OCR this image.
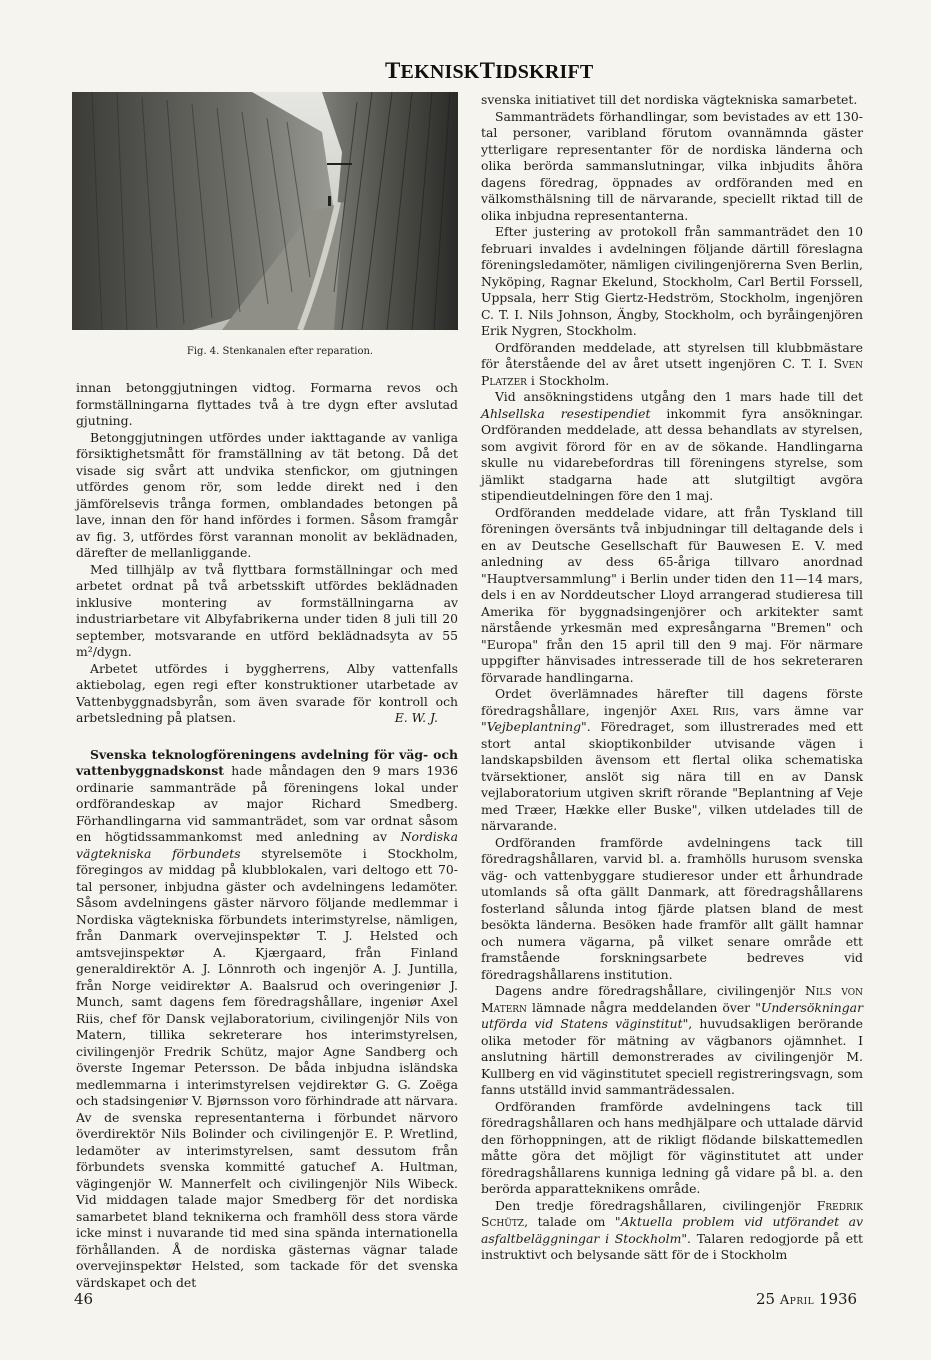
TEKNISKTIDSKRIFT
Fig. 4. Stenkanalen efter reparation.

innan betonggjutningen vidtog. Formarna revos och formställningarna flyttades två à tre dygn efter avslutad gjutning.

Betonggjutningen utfördes under iakttagande av vanliga försiktighetsmått för framställning av tät betong. Då det visade sig svårt att undvika stenfickor, om gjutningen utfördes genom rör, som ledde direkt ned i den jämförelsevis trånga formen, omblandades betongen på lave, innan den för hand infördes i formen. Såsom framgår av fig. 3, utfördes först varannan monolit av beklädnaden, därefter de mellanliggande.

Med tillhjälp av två flyttbara formställningar och med arbetet ordnat på två arbetsskift utfördes beklädnaden inklusive montering av formställningarna av industriarbetare vit Albyfabrikerna under tiden 8 juli till 20 september, motsvarande en utförd beklädnadsyta av 55 m²/dygn.

Arbetet utfördes i byggherrens, Alby vattenfalls aktiebolag, egen regi efter konstruktioner utarbetade av Vattenbyggnadsbyrån, som även svarade för kontroll och arbetsledning på platsen.	E. W. J.

Svenska teknologföreningens avdelning för väg- och vattenbyggnadskonst hade måndagen den 9 mars 1936 ordinarie sammanträde på föreningens lokal under ordförandeskap av major Richard Smedberg. Förhandlingarna vid sammanträdet, som var ordnat såsom en högtidssammankomst med anledning av Nordiska vägtekniska förbundets styrelsemöte i Stockholm, föregingos av middag på klubblokalen, vari deltogo ett 70-tal personer, inbjudna gäster och avdelningens ledamöter. Såsom avdelningens gäster närvoro följande medlemmar i Nordiska vägtekniska förbundets interimstyrelse, nämligen, från Danmark overvejinspektør T. J. Helsted och amtsvejinspektør A. Kjærgaard, från Finland generaldirektör A. J. Lönnroth och ingenjör A. J. Juntilla, från Norge veidirektør A. Baalsrud och overingeniør J. Munch, samt dagens fem föredragshållare, ingeniør Axel Riis, chef för Dansk vejlaboratorium, civilingenjör Nils von Matern, tillika sekreterare hos interimstyrelsen, civilingenjör Fredrik Schütz, major Agne Sandberg och överste Ingemar Petersson. De båda inbjudna isländska medlemmarna i interimstyrelsen vejdirektør G. G. Zoëga och stadsingeniør V. Bjørnsson voro förhindrade att närvara. Av de svenska representanterna i förbundet närvoro överdirektör Nils Bolinder och civilingenjör E. P. Wretlind, ledamöter av interimstyrelsen, samt dessutom från förbundets svenska kommitté gatuchef A. Hultman, vägingenjör W. Mannerfelt och civilingenjör Nils Wibeck. Vid middagen talade major Smedberg för det nordiska samarbetet bland teknikerna och framhöll dess stora värde icke minst i nuvarande tid med sina spända internationella förhållanden. Å de nordiska gästernas vägnar talade overvejinspektør Helsted, som tackade för det svenska värdskapet och det

svenska initiativet till det nordiska vägtekniska samarbetet.

Sammanträdets förhandlingar, som bevistades av ett 130-tal personer, varibland förutom ovannämnda gäster ytterligare representanter för de nordiska länderna och olika berörda sammanslutningar, vilka inbjudits åhöra dagens föredrag, öppnades av ordföranden med en välkomsthälsning till de närvarande, speciellt riktad till de olika inbjudna representanterna.

Efter justering av protokoll från sammanträdet den 10 februari invaldes i avdelningen följande därtill föreslagna föreningsledamöter, nämligen civilingenjörerna Sven Berlin, Nyköping, Ragnar Ekelund, Stockholm, Carl Bertil Forssell, Uppsala, herr Stig Giertz-Hedström, Stockholm, ingenjören C. T. I. Nils Johnson, Ängby, Stockholm, och byråingenjören Erik Nygren, Stockholm.

Ordföranden meddelade, att styrelsen till klubbmästare för återstående del av året utsett ingenjören C. T. I. Sven Platzer i Stockholm.

Vid ansökningstidens utgång den 1 mars hade till det Ahlsellska resestipendiet inkommit fyra ansökningar. Ordföranden meddelade, att dessa behandlats av styrelsen, som avgivit förord för en av de sökande. Handlingarna skulle nu vidarebefordras till föreningens styrelse, som jämlikt stadgarna hade att slutgiltigt avgöra stipendieutdelningen före den 1 maj.

Ordföranden meddelade vidare, att från Tyskland till föreningen översänts två inbjudningar till deltagande dels i en av Deutsche Gesellschaft für Bauwesen E. V. med anledning av dess 65-åriga tillvaro anordnad "Hauptversammlung" i Berlin under tiden den 11—14 mars, dels i en av Norddeutscher Lloyd arrangerad studieresa till Amerika för byggnadsingenjörer och arkitekter samt närstående yrkesmän med expresångarna "Bremen" och "Europa" från den 15 april till den 9 maj. För närmare uppgifter hänvisades intresserade till de hos sekreteraren förvarade handlingarna.

Ordet överlämnades härefter till dagens förste föredragshållare, ingenjör Axel Riis, vars ämne var "Vejbeplantning". Föredraget, som illustrerades med ett stort antal skioptikonbilder utvisande vägen i landskapsbilden ävensom ett flertal olika schematiska tvärsektioner, anslöt sig nära till en av Dansk vejlaboratorium utgiven skrift rörande "Beplantning af Veje med Træer, Hække eller Buske", vilken utdelades till de närvarande.

Ordföranden framförde avdelningens tack till föredragshållaren, varvid bl. a. framhölls hurusom svenska väg- och vattenbyggare studieresor under ett århundrade utomlands så ofta gällt Danmark, att föredragshållarens fosterland sålunda intog fjärde platsen bland de mest besökta länderna. Besöken hade framför allt gällt hamnar och numera vägarna, på vilket senare område ett framstående forskningsarbete bedreves vid föredragshållarens institution.

Dagens andre föredragshållare, civilingenjör Nils von Matern lämnade några meddelanden över "Undersökningar utförda vid Statens väginstitut", huvudsakligen berörande olika metoder för mätning av vägbanors ojämnhet. I anslutning härtill demonstrerades av civilingenjör M. Kullberg en vid väginstitutet speciell registreringsvagn, som fanns utställd invid sammanträdessalen.

Ordföranden framförde avdelningens tack till föredragshållaren och hans medhjälpare och uttalade därvid den förhoppningen, att de rikligt flödande bilskattemedlen måtte göra det möjligt för väginstitutet att under föredragshållarens kunniga ledning gå vidare på bl. a. den berörda apparatteknikens område.

Den tredje föredragshållaren, civilingenjör Fredrik Schütz, talade om "Aktuella problem vid utförandet av asfaltbeläggningar i Stockholm". Talaren redogjorde på ett instruktivt och belysande sätt för de i Stockholm

46	25 April 1936
